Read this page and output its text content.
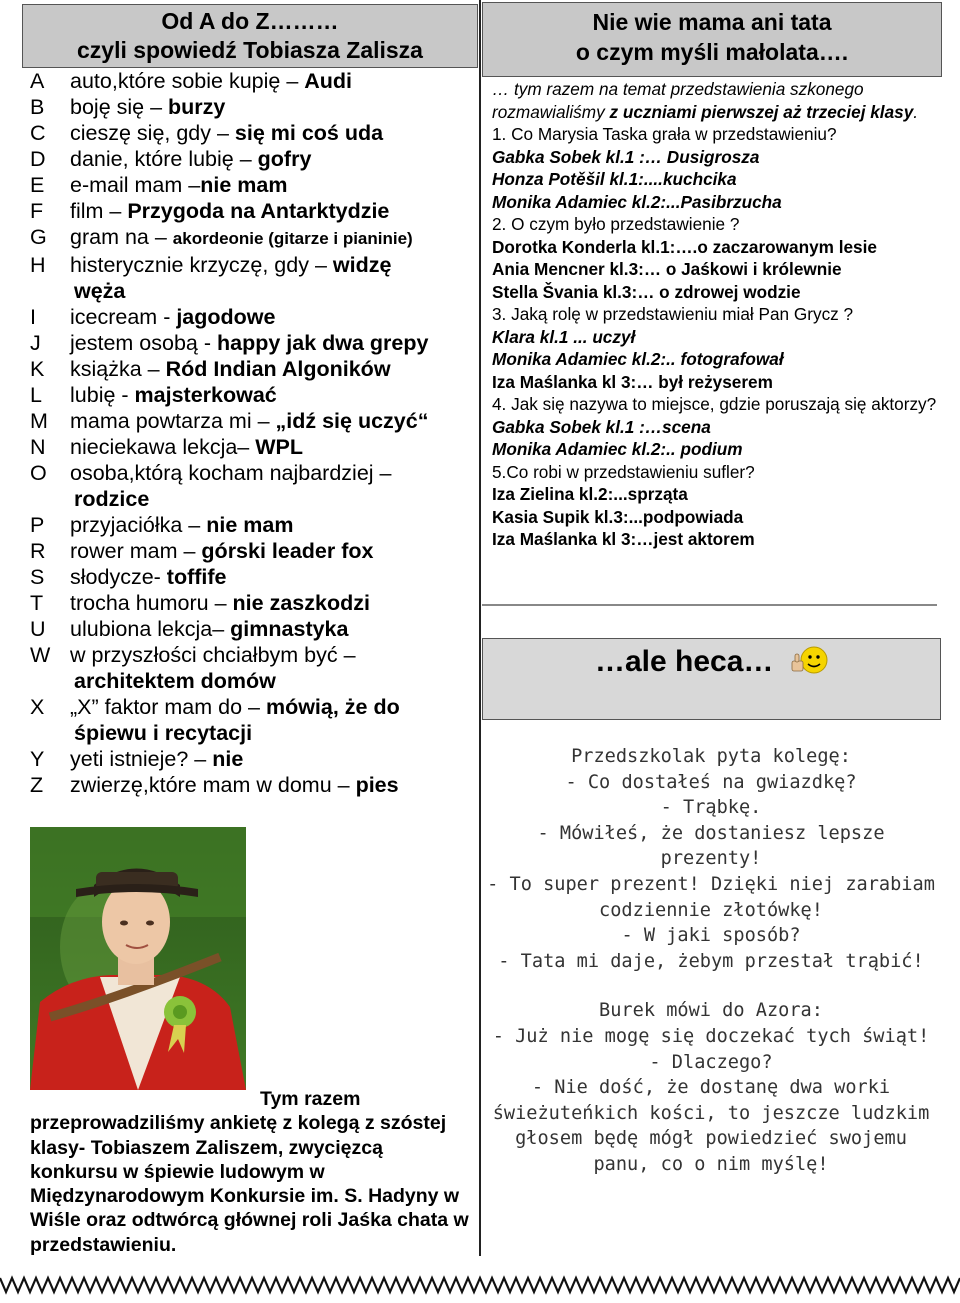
Od A do Z………
czyli spowiedź Tobiasza Zalisza
A	auto,które sobie kupię – Audi
B	boję się – burzy
C	cieszę się, gdy – się mi coś uda
D	danie, które lubię – gofry
E	e-mail mam –nie mam
F	film – Przygoda na Antarktydzie
G	gram na – akordeonie (gitarze i pianinie)
H	histerycznie krzyczę, gdy – widzę
węża
I	icecream - jagodowe
J	jestem osobą - happy jak dwa grepy
K	książka – Ród Indian Algoników
L	lubię - majsterkować
M	mama powtarza mi – „idź się uczyć“
N	nieciekawa lekcja– WPL
O	osoba,którą kocham najbardziej –
rodzice
P	przyjaciółka – nie mam
R	rower mam – górski leader fox
S	słodycze- toffife
T	trocha humoru – nie zaszkodzi
U	ulubiona lekcja– gimnastyka
W w przyszłości chciałbym być –
architektem domów
X	„X” faktor mam do – mówią, że do
śpiewu i recytacji
Y	yeti istnieje? – nie
Z	zwierzę,które mam w domu – pies
Tym razem
przeprowadziliśmy ankietę z kolegą z szóstej klasy- Tobiaszem Zaliszem, zwycięzcą konkursu w śpiewie ludowym w Międzynarodowym Konkursie im. S. Hadyny w Wiśle oraz odtwórcą głównej roli Jaśka chata w przedstawieniu.
Nie wie mama ani tata
o czym myśli małolata….
… tym razem na temat przedstawienia szkonego rozmawialiśmy z uczniami pierwszej aż trzeciej klasy.
1. Co Marysia Taska grała w przedstawieniu?
Gabka Sobek kl.1 :… Dusigrosza
Honza Potěšil kl.1:....kuchcika
Monika Adamiec kl.2:...Pasibrzucha
2. O czym było przedstawienie ?
Dorotka Konderla kl.1:….o zaczarowanym lesie
Ania Mencner kl.3:… o Jaśkowi i królewnie
Stella Švania kl.3:… o zdrowej wodzie
3. Jaką rolę w przedstawieniu miał Pan Grycz ?
Klara kl.1 ... uczył
Monika Adamiec kl.2:.. fotografował
Iza Maślanka kl 3:… był reżyserem
4. Jak się nazywa to miejsce, gdzie poruszają się aktorzy?
Gabka Sobek kl.1 :…scena
Monika Adamiec kl.2:.. podium
5.Co robi w przedstawieniu sufler?
Iza Zielina kl.2:...sprząta
Kasia Supik kl.3:...podpowiada
Iza Maślanka kl 3:…jest aktorem
…ale heca…
Przedszkolak pyta kolegę:
- Co dostałeś na gwiazdkę?
- Trąbkę.
- Mówiłeś, że dostaniesz lepsze prezenty!
- To super prezent! Dzięki niej zarabiam codziennie złotówkę!
- W jaki sposób?
- Tata mi daje, żebym przestał trąbić!
Burek mówi do Azora:
- Już nie mogę się doczekać tych świąt!
- Dlaczego?
- Nie dość, że dostanę dwa worki świeżuteńkich kości, to jeszcze ludzkim głosem będę mógł powiedzieć swojemu panu, co o nim myślę!
